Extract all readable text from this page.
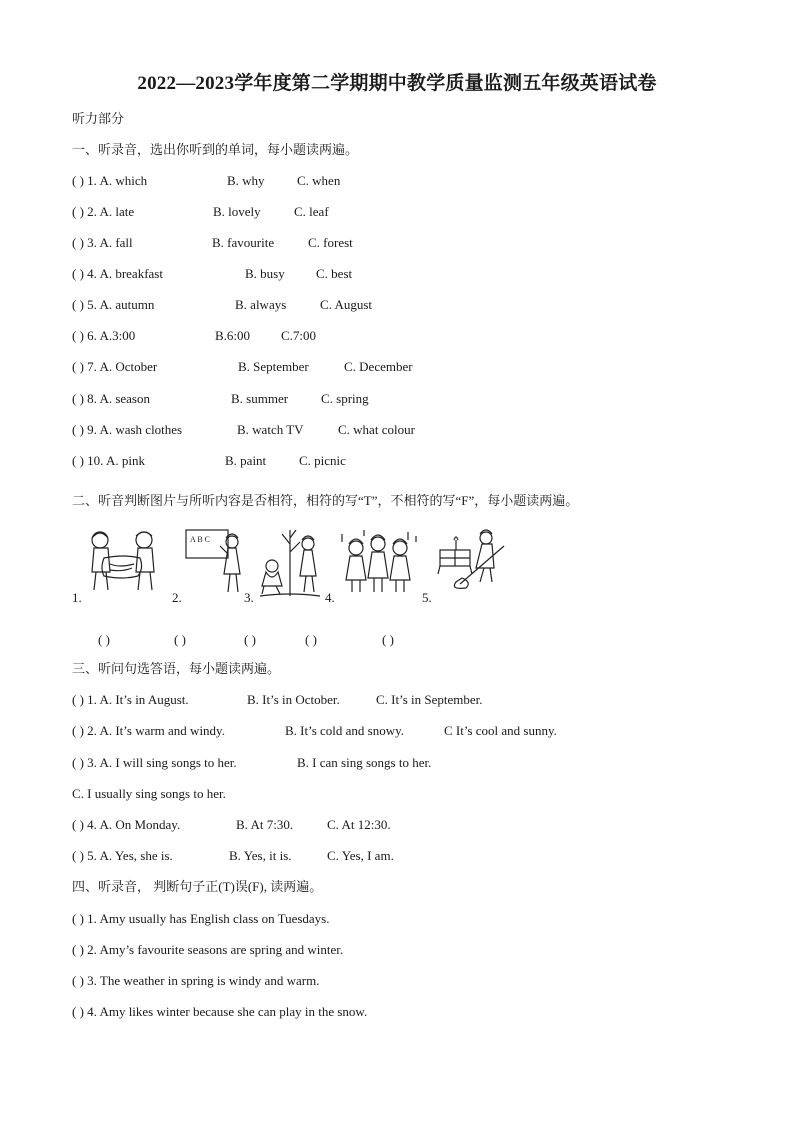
2022—2023学年度第二学期期中教学质量监测五年级英语试卷
听力部分
一、听录音，选出你听到的单词，每小题读两遍。
( ) 1. A. which	B. why C. when
( ) 2. A. late	B. lovely	C. leaf
( ) 3. A. fall	B. favourite	C. forest
( ) 4. A. breakfast	B. busy C. best
( ) 5. A. autumn	B. always	C. August
( ) 6. A.3:00	B.6:00 C.7:00
( ) 7. A. October	B. September	C. December
( ) 8. A. season	B. summer	C. spring
( ) 9. A. wash clothes	B. watch TV	C. what colour
( ) 10. A. pink	B. paint	C. picnic
二、听音判断图片与所听内容是否相符，相符的写“T”，不相符的写“F”，每小题读两遍。
1.	2.
A B C
3.	4.	5.
( )	( )	( )	( )	( )
三、听问句选答语，每小题读两遍。
( ) 1. A. It’s in August.	B. It’s in October.	C. It’s in September.
( ) 2. A. It’s warm and windy.	B. It’s cold and snowy.	C It’s cool and sunny.
( ) 3. A. I will sing songs to her.	B. I can sing songs to her.
C. I usually sing songs to her.
( ) 4. A. On Monday.	B. At 7:30.	C. At 12:30.
( ) 5. A. Yes, she is.	B. Yes, it is.	C. Yes, I am.
四、听录音， 判断句子正(T)误(F), 读两遍。
( ) 1. Amy usually has English class on Tuesdays.
( ) 2. Amy’s favourite seasons are spring and winter.
( ) 3. The weather in spring is windy and warm.
( ) 4. Amy likes winter because she can play in the snow.
